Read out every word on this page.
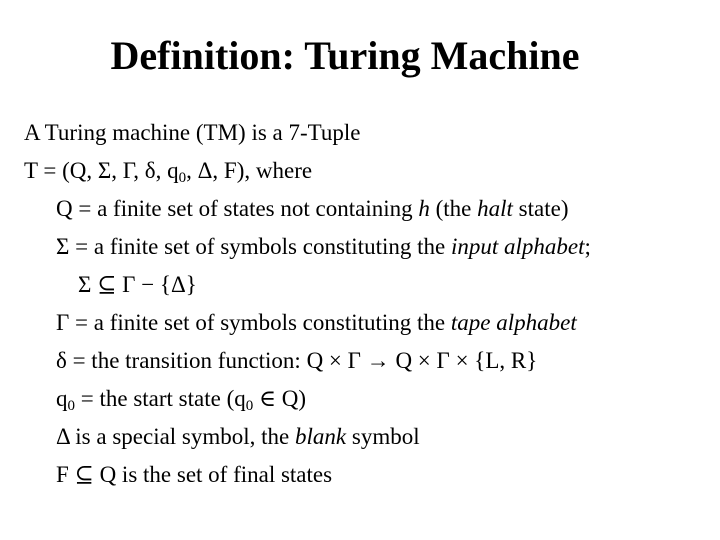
Definition: Turing Machine
A Turing machine (TM) is a 7-Tuple
T = (Q, Σ, Γ, δ, $q_0$, Δ, F), where
Q = a finite set of states not containing h (the halt state)
Σ = a finite set of symbols constituting the input alphabet;
Σ ⊆ Γ − {Δ}
Γ = a finite set of symbols constituting the tape alphabet
δ = the transition function: Q × Γ → Q × Γ × {L, R}
$q_0$ = the start state ($q_0$ ∈ Q)
Δ is a special symbol, the blank symbol
F ⊆ Q is the set of final states
